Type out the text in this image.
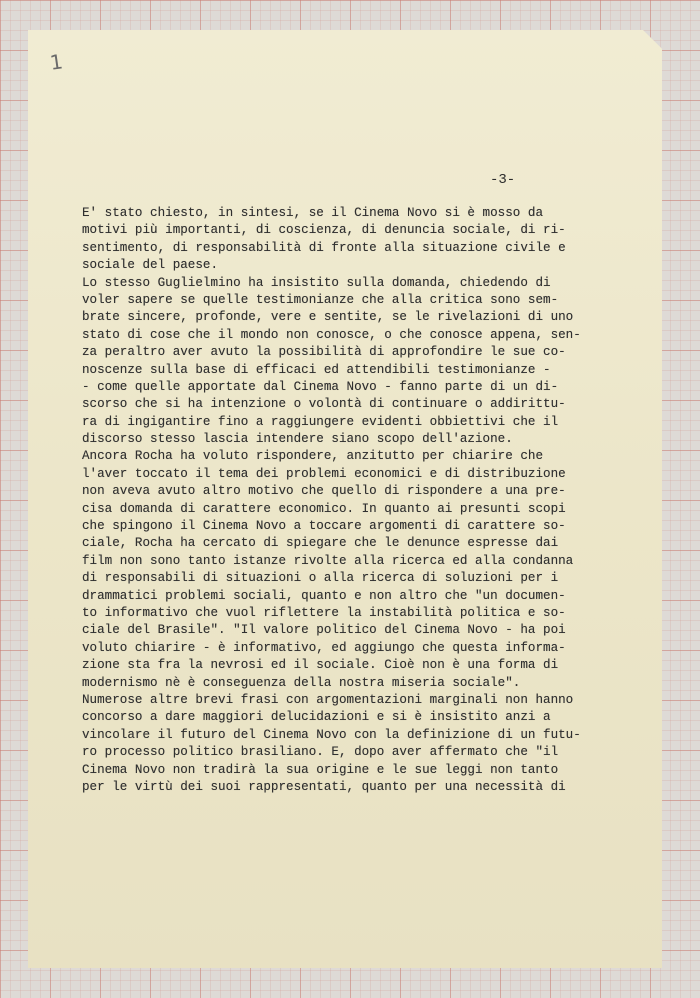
1
-3-
E' stato chiesto, in sintesi, se il Cinema Novo si è mosso da
motivi più importanti, di coscienza, di denuncia sociale, di ri-
sentimento, di responsabilità di fronte alla situazione civile e
sociale del paese.
Lo stesso Guglielmino ha insistito sulla domanda, chiedendo di
voler sapere se quelle testimonianze che alla critica sono sem-
brate sincere, profonde, vere e sentite, se le rivelazioni di uno
stato di cose che il mondo non conosce, o che conosce appena, sen-
za peraltro aver avuto la possibilità di approfondire le sue co-
noscenze sulla base di efficaci ed attendibili testimonianze -
- come quelle apportate dal Cinema Novo - fanno parte di un di-
scorso che si ha intenzione o volontà di continuare o addirittu-
ra di ingigantire fino a raggiungere evidenti obbiettivi che il
discorso stesso lascia intendere siano scopo dell'azione.
Ancora Rocha ha voluto rispondere, anzitutto per chiarire che
l'aver toccato il tema dei problemi economici e di distribuzione
non aveva avuto altro motivo che quello di rispondere a una pre-
cisa domanda di carattere economico. In quanto ai presunti scopi
che spingono il Cinema Novo a toccare argomenti di carattere so-
ciale, Rocha ha cercato di spiegare che le denunce espresse dai
film non sono tanto istanze rivolte alla ricerca ed alla condanna
di responsabili di situazioni o alla ricerca di soluzioni per i
drammatici problemi sociali, quanto e non altro che "un documen-
to informativo che vuol riflettere la instabilità politica e so-
ciale del Brasile". "Il valore politico del Cinema Novo - ha poi
voluto chiarire - è informativo, ed aggiungo che questa informa-
zione sta fra la nevrosi ed il sociale. Cioè non è una forma di
modernismo nè è conseguenza della nostra miseria sociale".
Numerose altre brevi frasi con argomentazioni marginali non hanno
concorso a dare maggiori delucidazioni e si è insistito anzi a
vincolare il futuro del Cinema Novo con la definizione di un futu-
ro processo politico brasiliano. E, dopo aver affermato che "il
Cinema Novo non tradirà la sua origine e le sue leggi non tanto
per le virtù dei suoi rappresentati, quanto per una necessità di
